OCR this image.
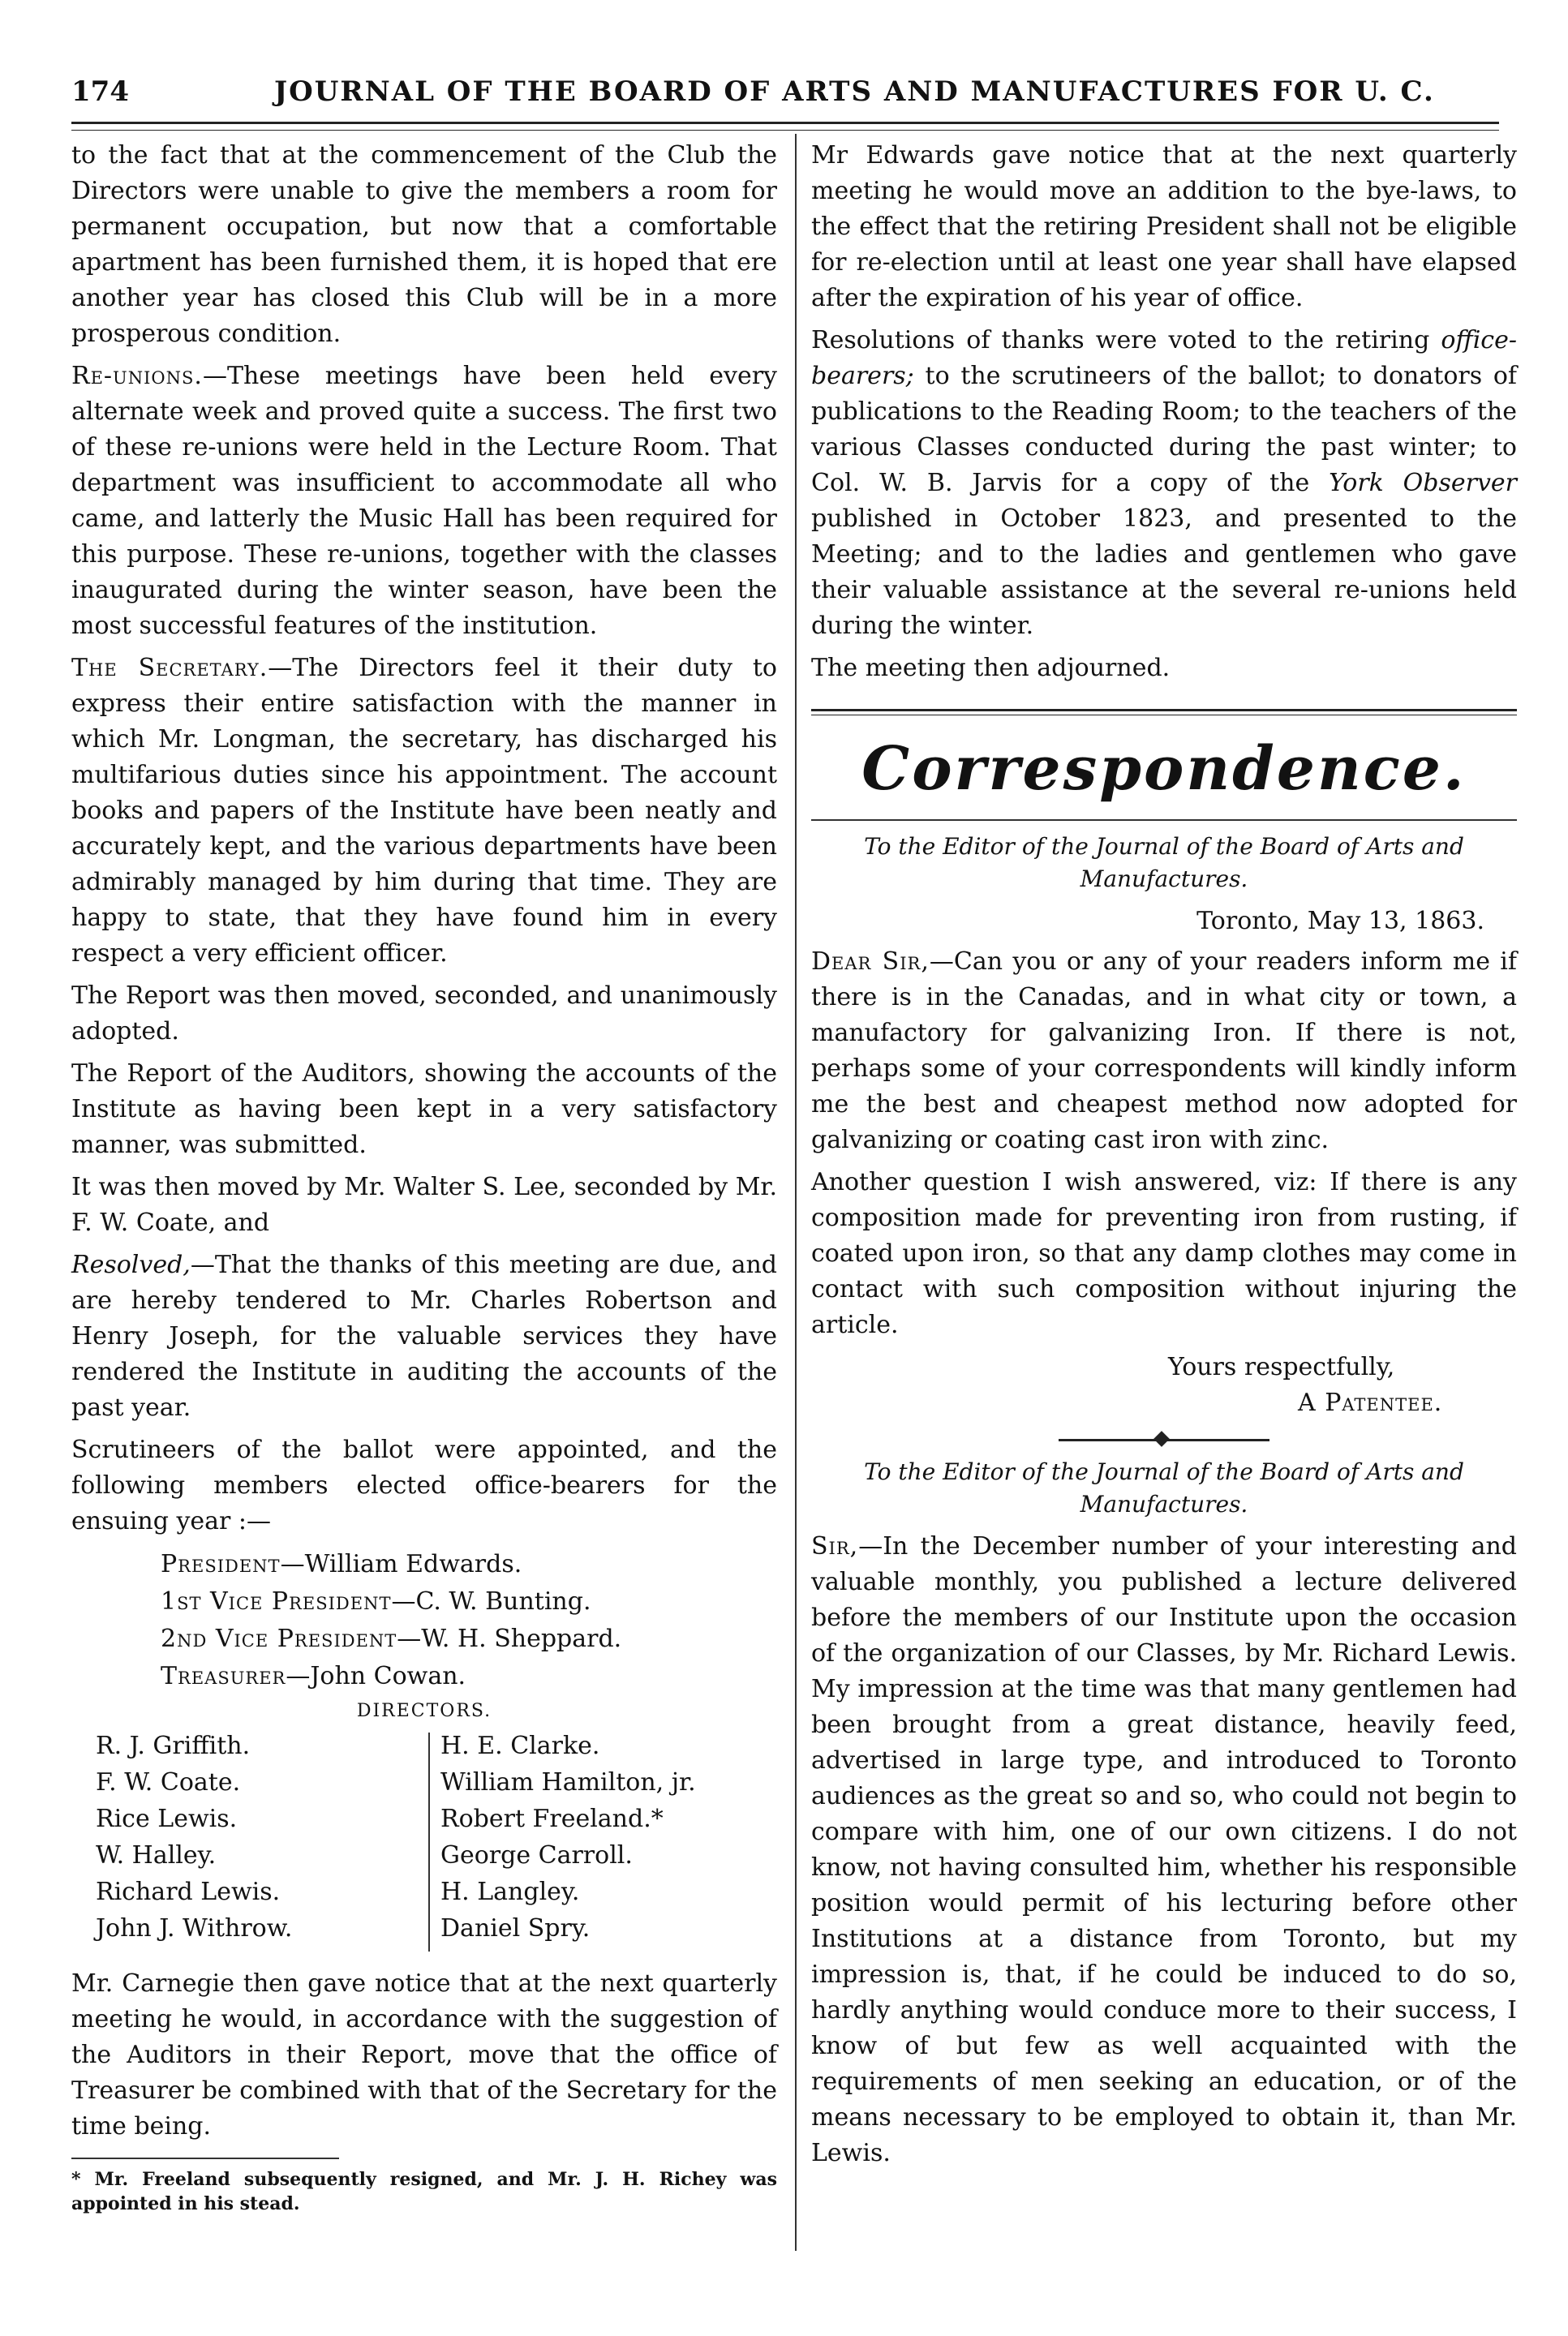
174	JOURNAL OF THE BOARD OF ARTS AND MANUFACTURES FOR U. C.

to the fact that at the commencement of the Club the Directors were unable to give the members a room for permanent occupation, but now that a comfortable apartment has been furnished them, it is hoped that ere another year has closed this Club will be in a more prosperous condition.

Re-unions.—These meetings have been held every alternate week and proved quite a success. The first two of these re-unions were held in the Lecture Room. That department was insufficient to accommodate all who came, and latterly the Music Hall has been required for this purpose. These re-unions, together with the classes inaugurated during the winter season, have been the most successful features of the institution.

The Secretary.—The Directors feel it their duty to express their entire satisfaction with the manner in which Mr. Longman, the secretary, has discharged his multifarious duties since his appointment. The account books and papers of the Institute have been neatly and accurately kept, and the various departments have been admirably managed by him during that time. They are happy to state, that they have found him in every respect a very efficient officer.

The Report was then moved, seconded, and unanimously adopted.

The Report of the Auditors, showing the accounts of the Institute as having been kept in a very satisfactory manner, was submitted.

It was then moved by Mr. Walter S. Lee, seconded by Mr. F. W. Coate, and

Resolved,—That the thanks of this meeting are due, and are hereby tendered to Mr. Charles Robertson and Henry Joseph, for the valuable services they have rendered the Institute in auditing the accounts of the past year.

Scrutineers of the ballot were appointed, and the following members elected office-bearers for the ensuing year :—

President—William Edwards.
1st Vice President—C. W. Bunting.
2nd Vice President—W. H. Sheppard.
Treasurer—John Cowan.

DIRECTORS.

R. J. Griffith.
F. W. Coate.
Rice Lewis.
W. Halley.
Richard Lewis.
John J. Withrow.
H. E. Clarke.
William Hamilton, jr.
Robert Freeland.*
George Carroll.
H. Langley.
Daniel Spry.

Mr. Carnegie then gave notice that at the next quarterly meeting he would, in accordance with the suggestion of the Auditors in their Report, move that the office of Treasurer be combined with that of the Secretary for the time being.

* Mr. Freeland subsequently resigned, and Mr. J. H. Richey was appointed in his stead.

Mr Edwards gave notice that at the next quarterly meeting he would move an addition to the bye-laws, to the effect that the retiring President shall not be eligible for re-election until at least one year shall have elapsed after the expiration of his year of office.

Resolutions of thanks were voted to the retiring office-bearers; to the scrutineers of the ballot; to donators of publications to the Reading Room; to the teachers of the various Classes conducted during the past winter; to Col. W. B. Jarvis for a copy of the York Observer published in October 1823, and presented to the Meeting; and to the ladies and gentlemen who gave their valuable assistance at the several re-unions held during the winter.

The meeting then adjourned.

Correspondence.

To the Editor of the Journal of the Board of Arts and Manufactures.

Toronto, May 13, 1863.

Dear Sir,—Can you or any of your readers inform me if there is in the Canadas, and in what city or town, a manufactory for galvanizing Iron. If there is not, perhaps some of your correspondents will kindly inform me the best and cheapest method now adopted for galvanizing or coating cast iron with zinc.

Another question I wish answered, viz: If there is any composition made for preventing iron from rusting, if coated upon iron, so that any damp clothes may come in contact with such composition without injuring the article.

Yours respectfully,
A Patentee.

To the Editor of the Journal of the Board of Arts and Manufactures.

Sir,—In the December number of your interesting and valuable monthly, you published a lecture delivered before the members of our Institute upon the occasion of the organization of our Classes, by Mr. Richard Lewis. My impression at the time was that many gentlemen had been brought from a great distance, heavily feed, advertised in large type, and introduced to Toronto audiences as the great so and so, who could not begin to compare with him, one of our own citizens. I do not know, not having consulted him, whether his responsible position would permit of his lecturing before other Institutions at a distance from Toronto, but my impression is, that, if he could be induced to do so, hardly anything would conduce more to their success, I know of but few as well acquainted with the requirements of men seeking an education, or of the means necessary to be employed to obtain it, than Mr. Lewis.
